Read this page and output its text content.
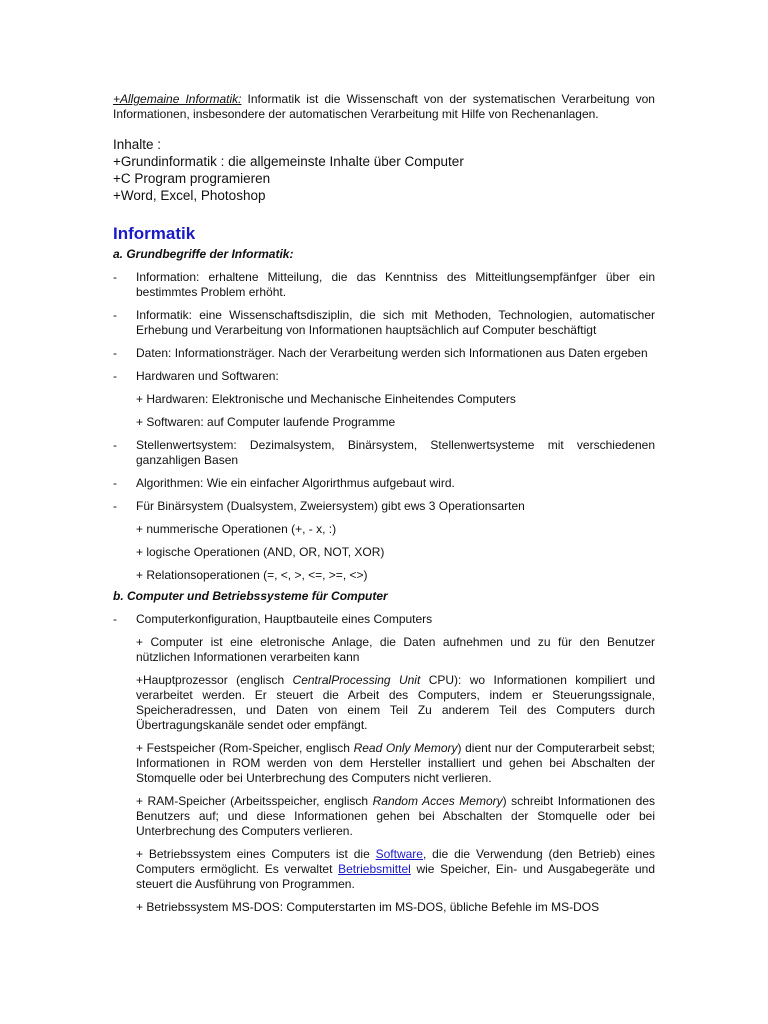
+Allgemaine Informatik: Informatik ist die Wissenschaft von der systematischen Verarbeitung von Informationen, insbesondere der automatischen Verarbeitung mit Hilfe von Rechenanlagen.
Inhalte :
+Grundinformatik : die allgemeinste Inhalte über Computer
+C Program programieren
+Word, Excel, Photoshop
Informatik
a. Grundbegriffe der Informatik:
- Information: erhaltene Mitteilung, die das Kenntniss des Mitteitlungsempfänfger über ein bestimmtes Problem erhöht.
- Informatik: eine Wissenschaftsdisziplin, die sich mit Methoden, Technologien, automatischer Erhebung und Verarbeitung von Informationen hauptsächlich auf Computer beschäftigt
- Daten: Informationsträger. Nach der Verarbeitung werden sich Informationen aus Daten ergeben
- Hardwaren und Softwaren:
+ Hardwaren: Elektronische und Mechanische Einheitendes Computers
+ Softwaren: auf Computer laufende Programme
- Stellenwertsystem: Dezimalsystem, Binärsystem, Stellenwertsysteme mit verschiedenen ganzahligen Basen
- Algorithmen: Wie ein einfacher Algorirthmus aufgebaut wird.
- Für Binärsystem (Dualsystem, Zweiersystem) gibt ews 3 Operationsarten
+ nummerische Operationen (+, - x, :)
+ logische Operationen (AND, OR, NOT, XOR)
+ Relationsoperationen (=, <, >, <=, >=, <>)
b. Computer und Betriebssysteme für Computer
- Computerkonfiguration, Hauptbauteile eines Computers
+ Computer ist eine eletronische Anlage, die Daten aufnehmen und zu für den Benutzer nützlichen Informationen verarbeiten kann
+Hauptprozessor (englisch CentralProcessing Unit CPU): wo Informationen kompiliert und verarbeitet werden. Er steuert die Arbeit des Computers, indem er Steuerungssignale, Speicheradressen, und Daten von einem Teil Zu anderem Teil des Computers durch Übertragungskanäle sendet oder empfängt.
+ Festspeicher (Rom-Speicher, englisch Read Only Memory) dient nur der Computerarbeit sebst; Informationen in ROM werden von dem Hersteller installiert und gehen bei Abschalten der Stomquelle oder bei Unterbrechung des Computers nicht verlieren.
+ RAM-Speicher (Arbeitsspeicher, englisch Random Acces Memory) schreibt Informationen des Benutzers auf; und diese Informationen gehen bei Abschalten der Stomquelle oder bei Unterbrechung des Computers verlieren.
+ Betriebssystem eines Computers ist die Software, die die Verwendung (den Betrieb) eines Computers ermöglicht. Es verwaltet Betriebsmittel wie Speicher, Ein- und Ausgabegeräte und steuert die Ausführung von Programmen.
+ Betriebssystem MS-DOS: Computerstarten im MS-DOS, übliche Befehle im MS-DOS
